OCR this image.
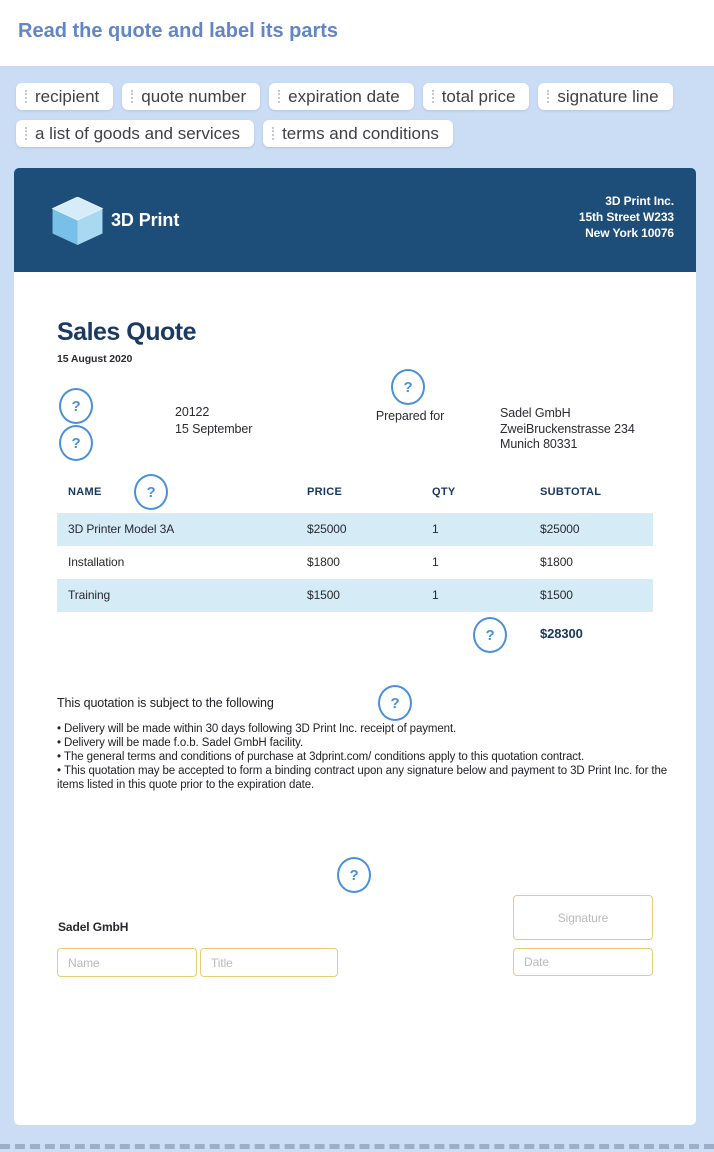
Read the quote and label its parts
recipient quote number expiration date total price signature line
a list of goods and services terms and conditions
3D Print
3D Print Inc.
15th Street W233
New York 10076
Sales Quote
15 August 2020
?
?
?
?
?
?
?
20122
15 September
Prepared for	Sadel GmbH
ZweiBruckenstrasse 234
Munich 80331
NAME	PRICE	QTY	SUBTOTAL
3D Printer Model 3A	$25000	1	$25000
Installation	$1800	1	$1800
Training	$1500	1	$1500
$28300
This quotation is subject to the following
• Delivery will be made within 30 days following 3D Print Inc. receipt of payment.
• Delivery will be made f.o.b. Sadel GmbH facility.
• The general terms and conditions of purchase at 3dprint.com/ conditions apply to this quotation contract.
• This quotation may be accepted to form a binding contract upon any signature below and payment to 3D Print Inc. for the items listed in this quote prior to the expiration date.
Sadel GmbH
Name	Title
Signature
Date
